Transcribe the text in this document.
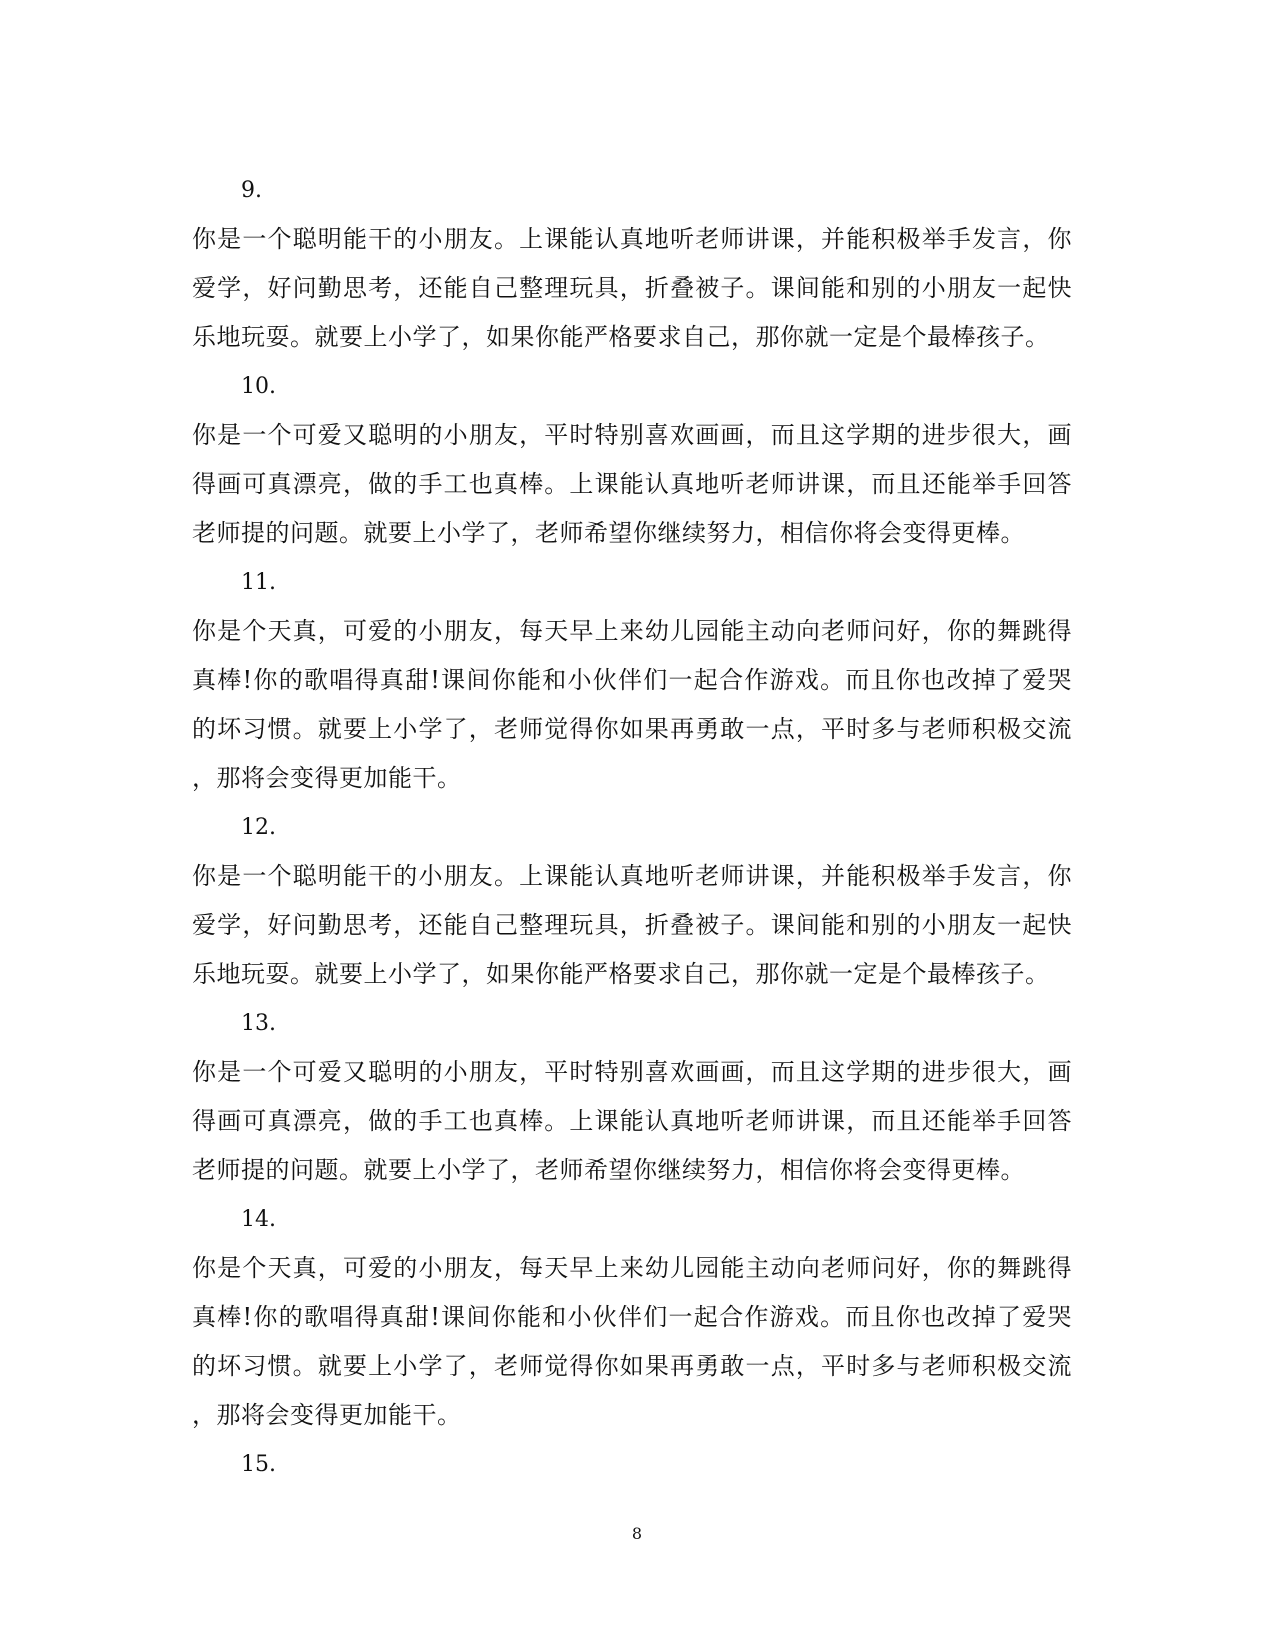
9.
你是一个聪明能干的小朋友。上课能认真地听老师讲课，并能积极举手发言，你
爱学，好问勤思考，还能自己整理玩具，折叠被子。课间能和别的小朋友一起快
乐地玩耍。就要上小学了，如果你能严格要求自己，那你就一定是个最棒孩子。
10.
你是一个可爱又聪明的小朋友，平时特别喜欢画画，而且这学期的进步很大，画
得画可真漂亮，做的手工也真棒。上课能认真地听老师讲课，而且还能举手回答
老师提的问题。就要上小学了，老师希望你继续努力，相信你将会变得更棒。
11.
你是个天真，可爱的小朋友，每天早上来幼儿园能主动向老师问好，你的舞跳得
真棒!你的歌唱得真甜!课间你能和小伙伴们一起合作游戏。而且你也改掉了爱哭
的坏习惯。就要上小学了，老师觉得你如果再勇敢一点，平时多与老师积极交流
，那将会变得更加能干。
12.
你是一个聪明能干的小朋友。上课能认真地听老师讲课，并能积极举手发言，你
爱学，好问勤思考，还能自己整理玩具，折叠被子。课间能和别的小朋友一起快
乐地玩耍。就要上小学了，如果你能严格要求自己，那你就一定是个最棒孩子。
13.
你是一个可爱又聪明的小朋友，平时特别喜欢画画，而且这学期的进步很大，画
得画可真漂亮，做的手工也真棒。上课能认真地听老师讲课，而且还能举手回答
老师提的问题。就要上小学了，老师希望你继续努力，相信你将会变得更棒。
14.
你是个天真，可爱的小朋友，每天早上来幼儿园能主动向老师问好，你的舞跳得
真棒!你的歌唱得真甜!课间你能和小伙伴们一起合作游戏。而且你也改掉了爱哭
的坏习惯。就要上小学了，老师觉得你如果再勇敢一点，平时多与老师积极交流
，那将会变得更加能干。
15.
8
